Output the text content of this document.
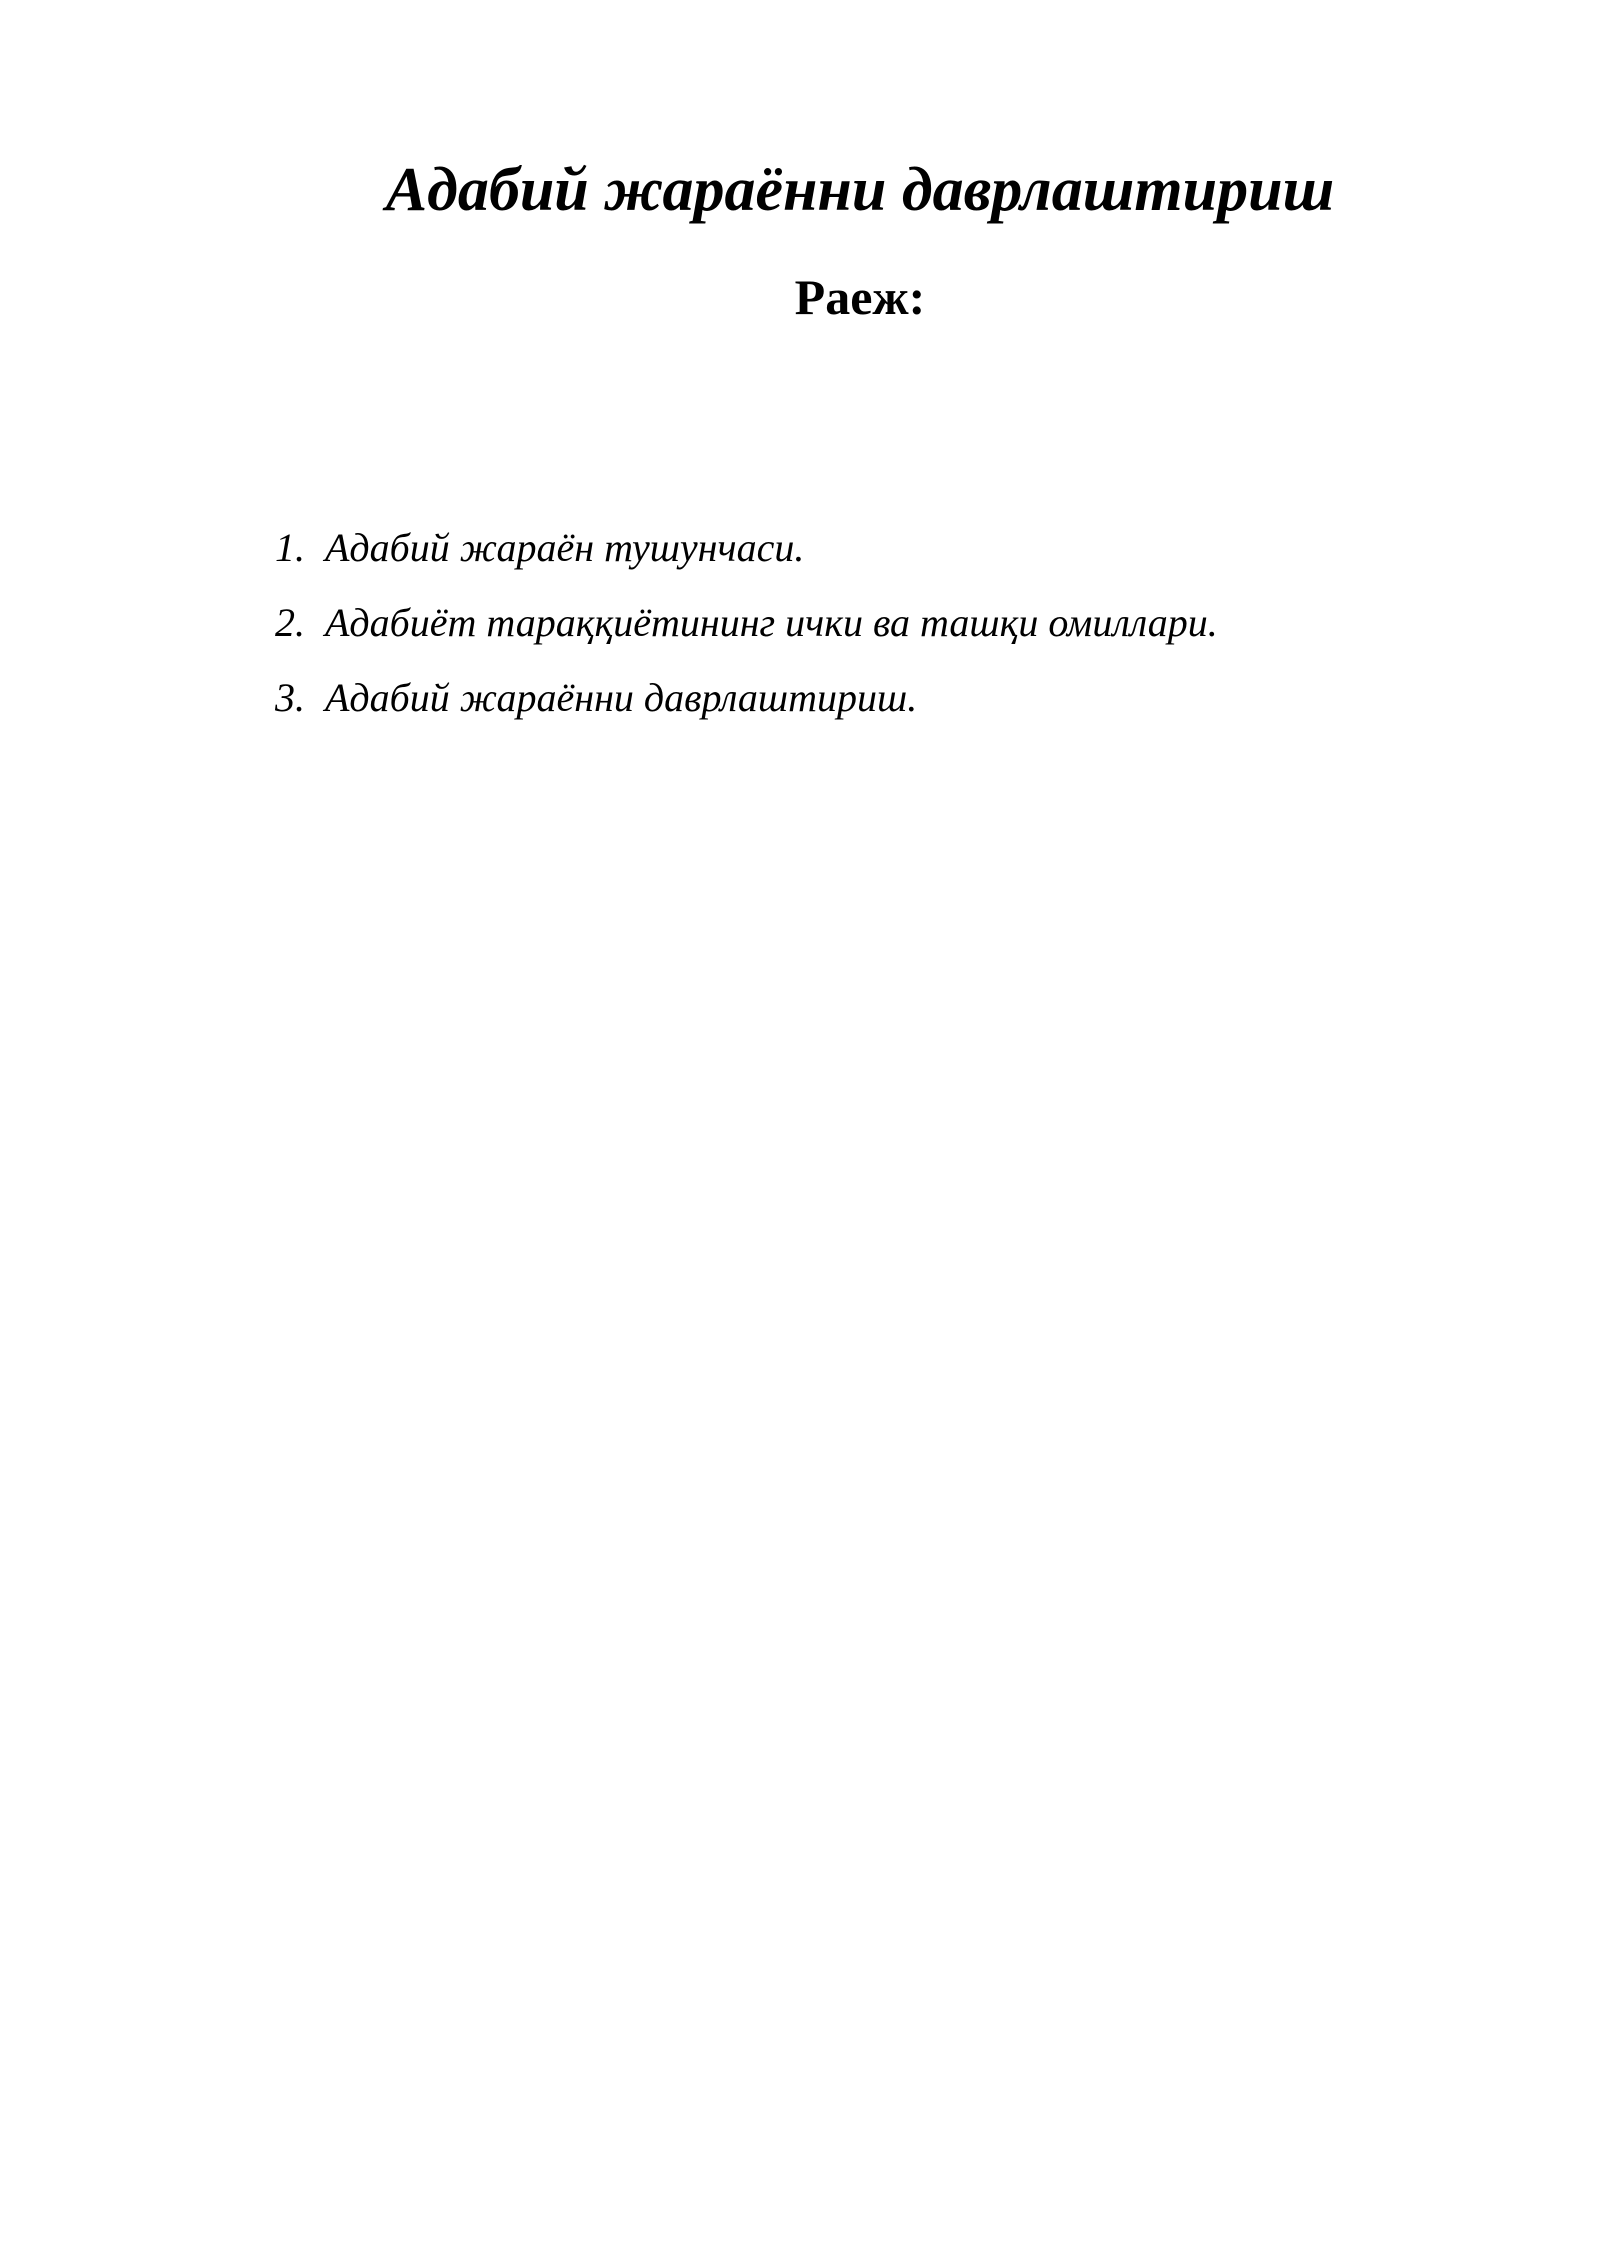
Адабий жараённи даврлаштириш
Раеж:
1. Адабий жараён тушунчаси.
2. Адабиёт тараққиётининг ички ва ташқи омиллари.
3. Адабий жараённи даврлаштириш.
